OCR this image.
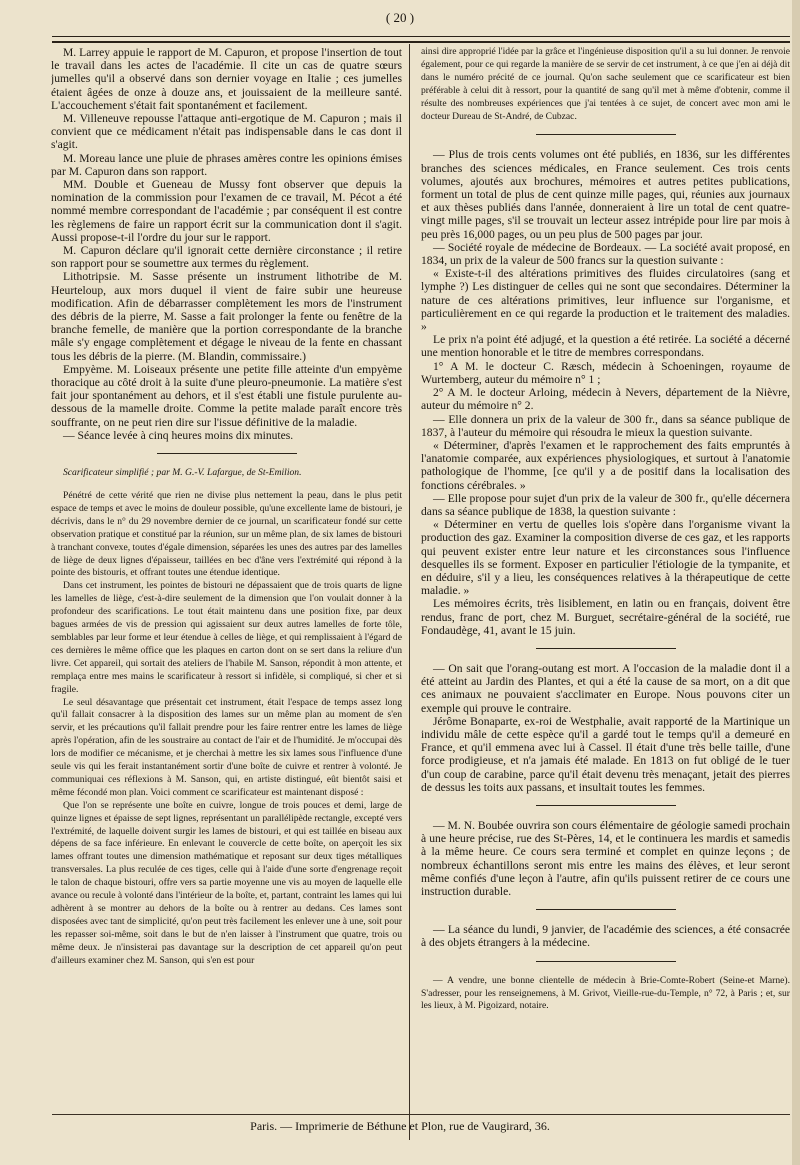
( 20 )

M. Larrey appuie le rapport de M. Capuron, et propose l'insertion de tout le travail dans les actes de l'académie. Il cite un cas de quatre sœurs jumelles qu'il a observé dans son dernier voyage en Italie ; ces jumelles étaient âgées de onze à douze ans, et jouissaient de la meilleure santé. L'accouchement s'était fait spontanément et facilement.

M. Villeneuve repousse l'attaque anti-ergotique de M. Capuron ; mais il convient que ce médicament n'était pas indispensable dans le cas dont il s'agit.

M. Moreau lance une pluie de phrases amères contre les opinions émises par M. Capuron dans son rapport.

MM. Double et Gueneau de Mussy font observer que depuis la nomination de la commission pour l'examen de ce travail, M. Pécot a été nommé membre correspondant de l'académie ; par conséquent il est contre les règlemens de faire un rapport écrit sur la communication dont il s'agit. Aussi propose-t-il l'ordre du jour sur le rapport.

M. Capuron déclare qu'il ignorait cette dernière circonstance ; il retire son rapport pour se soumettre aux termes du règlement.

Lithotripsie. M. Sasse présente un instrument lithotribe de M. Heurteloup, aux mors duquel il vient de faire subir une heureuse modification. Afin de débarrasser complètement les mors de l'instrument des débris de la pierre, M. Sasse a fait prolonger la fente ou fenêtre de la branche femelle, de manière que la portion correspondante de la branche mâle s'y engage complètement et dégage le niveau de la fente en chassant tous les débris de la pierre. (M. Blandin, commissaire.)

Empyème. M. Loiseaux présente une petite fille atteinte d'un empyème thoracique au côté droit à la suite d'une pleuro-pneumonie. La matière s'est fait jour spontanément au dehors, et il s'est établi une fistule purulente au-dessous de la mamelle droite. Comme la petite malade paraît encore très souffrante, on ne peut rien dire sur l'issue définitive de la maladie.

— Séance levée à cinq heures moins dix minutes.

Scarificateur simplifié ; par M. G.-V. Lafargue, de St-Emilion.

Pénétré de cette vérité que rien ne divise plus nettement la peau, dans le plus petit espace de temps et avec le moins de douleur possible, qu'une excellente lame de bistouri, je décrivis, dans le n° du 29 novembre dernier de ce journal, un scarificateur fondé sur cette observation pratique et constitué par la réunion, sur un même plan, de six lames de bistouri à tranchant convexe, toutes d'égale dimension, séparées les unes des autres par des lamelles de liège de deux lignes d'épaisseur, taillées en bec d'âne vers l'extrémité qui répond à la pointe des bistouris, et offrant toutes une étendue identique.

Dans cet instrument, les pointes de bistouri ne dépassaient que de trois quarts de ligne les lamelles de liège, c'est-à-dire seulement de la dimension que l'on voulait donner à la profondeur des scarifications. Le tout était maintenu dans une position fixe, par deux bagues armées de vis de pression qui agissaient sur deux autres lamelles de forte tôle, semblables par leur forme et leur étendue à celles de liège, et qui remplissaient à l'égard de ces dernières le même office que les plaques en carton dont on se sert dans la reliure d'un livre. Cet appareil, qui sortait des ateliers de l'habile M. Sanson, répondit à mon attente, et remplaça entre mes mains le scarificateur à ressort si infidèle, si compliqué, si cher et si fragile.

Le seul désavantage que présentait cet instrument, était l'espace de temps assez long qu'il fallait consacrer à la disposition des lames sur un même plan au moment de s'en servir, et les précautions qu'il fallait prendre pour les faire rentrer entre les lames de liège après l'opération, afin de les soustraire au contact de l'air et de l'humidité. Je m'occupai dès lors de modifier ce mécanisme, et je cherchai à mettre les six lames sous l'influence d'une seule vis qui les ferait instantanément sortir d'une boîte de cuivre et rentrer à volonté. Je communiquai ces réflexions à M. Sanson, qui, en artiste distingué, eût bientôt saisi et même fécondé mon plan. Voici comment ce scarificateur est maintenant disposé :

Que l'on se représente une boîte en cuivre, longue de trois pouces et demi, large de quinze lignes et épaisse de sept lignes, représentant un parallélipède rectangle, excepté vers l'extrémité, de laquelle doivent surgir les lames de bistouri, et qui est taillée en biseau aux dépens de sa face inférieure. En enlevant le couvercle de cette boîte, on aperçoit les six lames offrant toutes une dimension mathématique et reposant sur deux tiges métalliques transversales. La plus reculée de ces tiges, celle qui à l'aide d'une sorte d'engrenage reçoit le talon de chaque bistouri, offre vers sa partie moyenne une vis au moyen de laquelle elle avance ou recule à volonté dans l'intérieur de la boîte, et, partant, contraint les lames qui lui adhèrent à se montrer au dehors de la boîte ou à rentrer au dedans. Ces lames sont disposées avec tant de simplicité, qu'on peut très facilement les enlever une à une, soit pour les repasser soi-même, soit dans le but de n'en laisser à l'instrument que quatre, trois ou même deux. Je n'insisterai pas davantage sur la description de cet appareil qu'on peut d'ailleurs examiner chez M. Sanson, qui s'en est pour

ainsi dire approprié l'idée par la grâce et l'ingénieuse disposition qu'il a su lui donner. Je renvoie également, pour ce qui regarde la manière de se servir de cet instrument, à ce que j'en ai déjà dit dans le numéro précité de ce journal. Qu'on sache seulement que ce scarificateur est bien préférable à celui dit à ressort, pour la quantité de sang qu'il met à même d'obtenir, comme il résulte des nombreuses expériences que j'ai tentées à ce sujet, de concert avec mon ami le docteur Dureau de St-André, de Cubzac.

— Plus de trois cents volumes ont été publiés, en 1836, sur les différentes branches des sciences médicales, en France seulement. Ces trois cents volumes, ajoutés aux brochures, mémoires et autres petites publications, forment un total de plus de cent quinze mille pages, qui, réunies aux journaux et aux thèses publiés dans l'année, donneraient à lire un total de cent quatre-vingt mille pages, s'il se trouvait un lecteur assez intrépide pour lire par mois à peu près 16,000 pages, ou un peu plus de 500 pages par jour.

— Société royale de médecine de Bordeaux. — La société avait proposé, en 1834, un prix de la valeur de 500 francs sur la question suivante :

« Existe-t-il des altérations primitives des fluides circulatoires (sang et lymphe ?) Les distinguer de celles qui ne sont que secondaires. Déterminer la nature de ces altérations primitives, leur influence sur l'organisme, et particulièrement en ce qui regarde la production et le traitement des maladies. »

Le prix n'a point été adjugé, et la question a été retirée. La société a décerné une mention honorable et le titre de membres correspondans.

1° A M. le docteur C. Ræsch, médecin à Schoeningen, royaume de Wurtemberg, auteur du mémoire n° 1 ;

2° A M. le docteur Arloing, médecin à Nevers, département de la Nièvre, auteur du mémoire n° 2.

— Elle donnera un prix de la valeur de 300 fr., dans sa séance publique de 1837, à l'auteur du mémoire qui résoudra le mieux la question suivante.

« Déterminer, d'après l'examen et le rapprochement des faits empruntés à l'anatomie comparée, aux expériences physiologiques, et surtout à l'anatomie pathologique de l'homme, [ce qu'il y a de positif dans la localisation des fonctions cérébrales. »

— Elle propose pour sujet d'un prix de la valeur de 300 fr., qu'elle décernera dans sa séance publique de 1838, la question suivante :

« Déterminer en vertu de quelles lois s'opère dans l'organisme vivant la production des gaz. Examiner la composition diverse de ces gaz, et les rapports qui peuvent exister entre leur nature et les circonstances sous l'influence desquelles ils se forment. Exposer en particulier l'étiologie de la tympanite, et en déduire, s'il y a lieu, les conséquences relatives à la thérapeutique de cette maladie. »

Les mémoires écrits, très lisiblement, en latin ou en français, doivent être rendus, franc de port, chez M. Burguet, secrétaire-général de la société, rue Fondaudège, 41, avant le 15 juin.

— On sait que l'orang-outang est mort. A l'occasion de la maladie dont il a été atteint au Jardin des Plantes, et qui a été la cause de sa mort, on a dit que ces animaux ne pouvaient s'acclimater en Europe. Nous pouvons citer un exemple qui prouve le contraire.

Jérôme Bonaparte, ex-roi de Westphalie, avait rapporté de la Martinique un individu mâle de cette espèce qu'il a gardé tout le temps qu'il a demeuré en France, et qu'il emmena avec lui à Cassel. Il était d'une très belle taille, d'une force prodigieuse, et n'a jamais été malade. En 1813 on fut obligé de le tuer d'un coup de carabine, parce qu'il était devenu très menaçant, jetait des pierres de dessus les toits aux passans, et insultait toutes les femmes.

— M. N. Boubée ouvrira son cours élémentaire de géologie samedi prochain à une heure précise, rue des St-Pères, 14, et le continuera les mardis et samedis à la même heure. Ce cours sera terminé et complet en quinze leçons ; de nombreux échantillons seront mis entre les mains des élèves, et leur seront même confiés d'une leçon à l'autre, afin qu'ils puissent retirer de ce cours une instruction durable.

— La séance du lundi, 9 janvier, de l'académie des sciences, a été consacrée à des objets étrangers à la médecine.

— A vendre, une bonne clientelle de médecin à Brie-Comte-Robert (Seine-et Marne). S'adresser, pour les renseignemens, à M. Grivot, Vieille-rue-du-Temple, n° 72, à Paris ; et, sur les lieux, à M. Pigoizard, notaire.

Paris. — Imprimerie de Béthune et Plon, rue de Vaugirard, 36.
